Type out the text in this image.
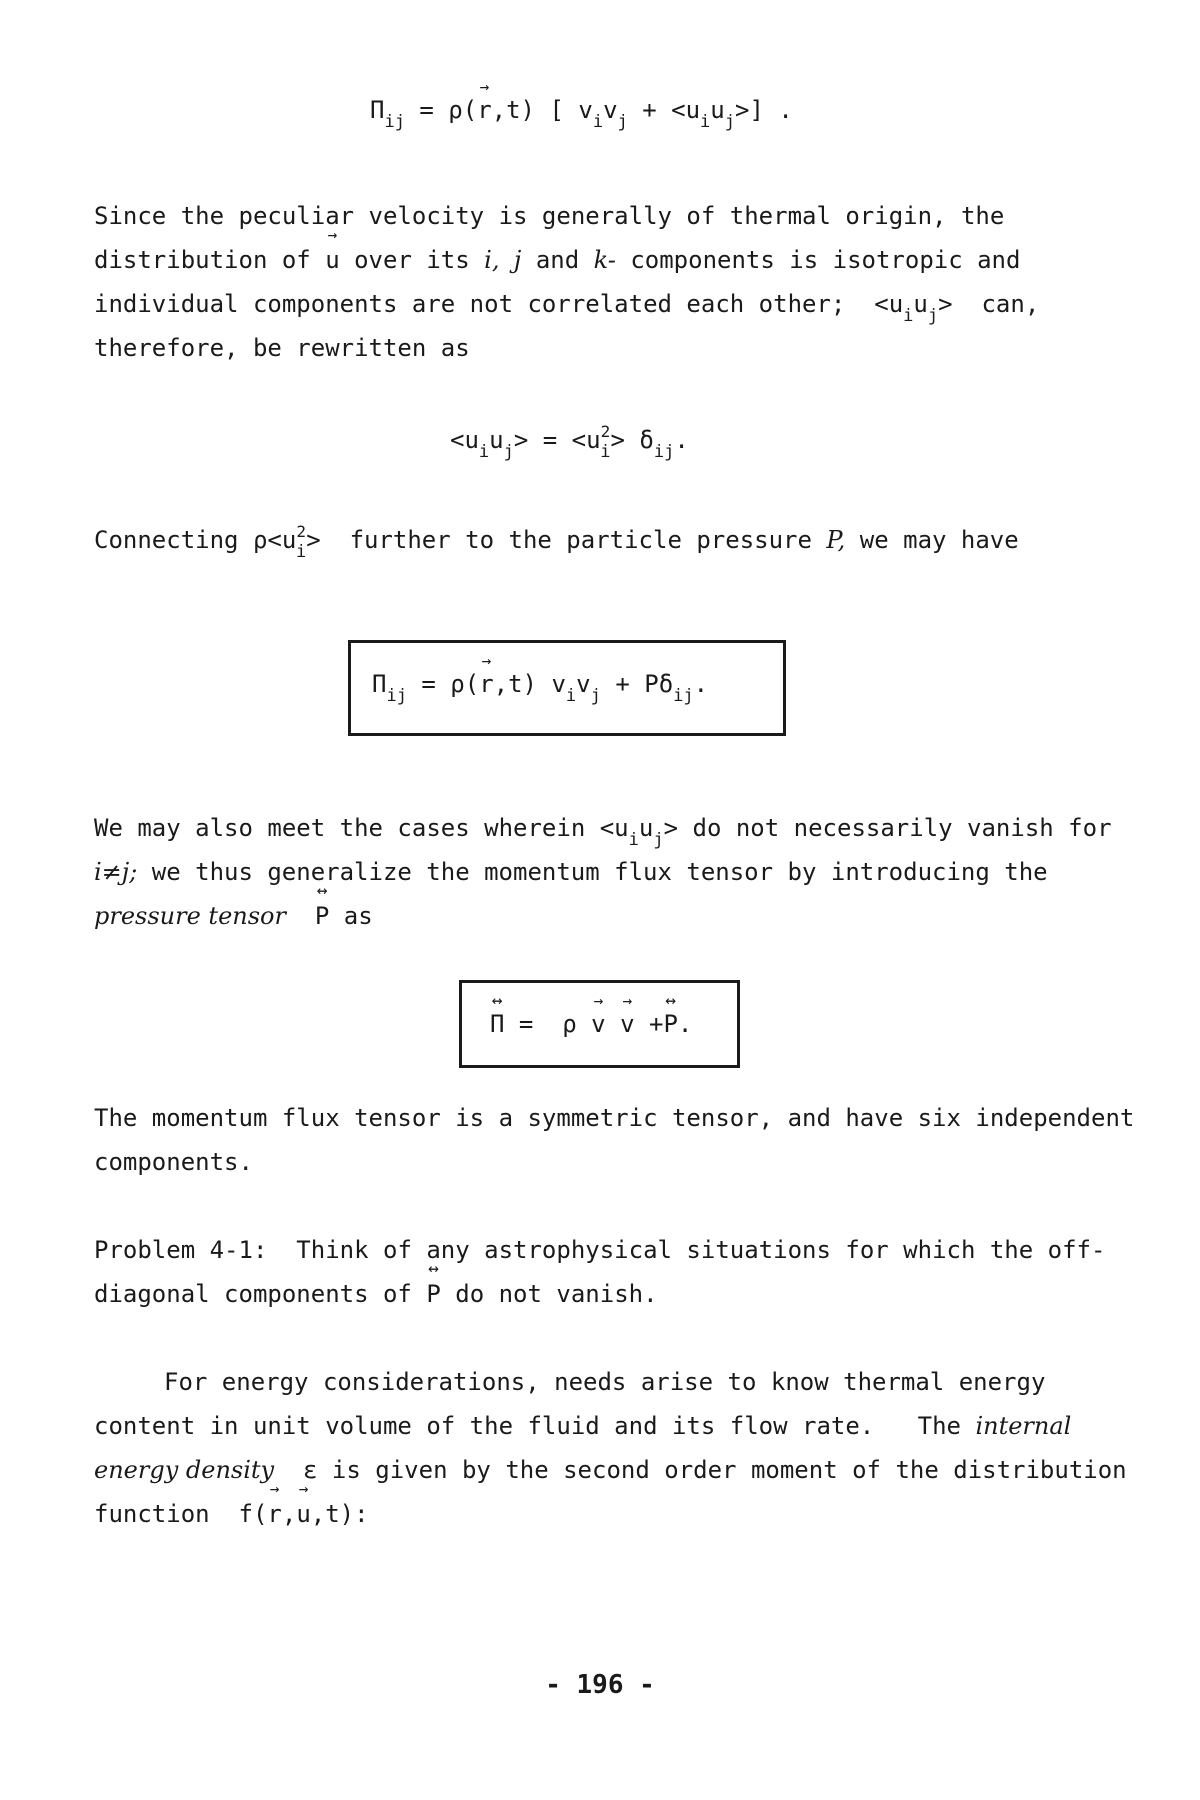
$\Pi_{ij} = \rho(\to r,t)$ [ $v_iv_j + <u_iu_j>$] .
Since the peculiar velocity is generally of thermal origin, the
distribution of → u over its i, j and k- components is isotropic and
individual components are not correlated each other; $<u_iu_j>$ can,
therefore, be rewritten as
$<u_iu_j> = <u^2_i> \delta_{ij}$.
Connecting $\rho<u^2_i>$ further to the particle pressure P, we may have
$\Pi_{ij} = \rho(\to r,t) v_iv_j + P\delta_{ij}$.
We may also meet the cases wherein $<u_iu_j>$ do not necessarily vanish for
i≠j; we thus generalize the momentum flux tensor by introducing the
pressure tensor ↔ P as
↔ Π = ρ → v → v +↔ P.
The momentum flux tensor is a symmetric tensor, and have six independent
components.
Problem 4-1: Think of any astrophysical situations for which the off-
diagonal components of ↔ P do not vanish.
For energy considerations, needs arise to know thermal energy
content in unit volume of the fluid and its flow rate. The internal
energy density ε is given by the second order moment of the distribution
function f(→ r,→ u,t):
- 196 -
